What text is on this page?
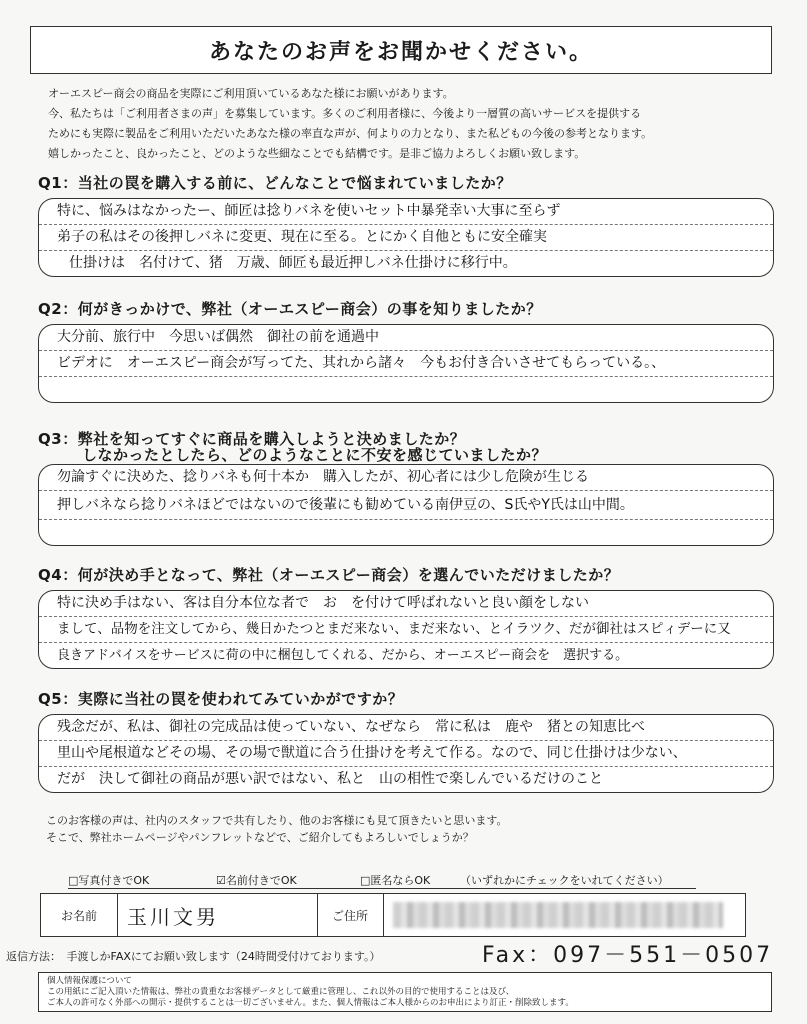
あなたのお声をお聞かせください。
オーエスピー商会の商品を実際にご利用頂いているあなた様にお願いがあります。
今、私たちは「ご利用者さまの声」を募集しています。多くのご利用者様に、今後より一層質の高いサービスを提供する
ためにも実際に製品をご利用いただいたあなた様の率直な声が、何よりの力となり、また私どもの今後の参考となります。
嬉しかったこと、良かったこと、どのような些細なことでも結構です。是非ご協力よろしくお願い致します。
Q1：当社の罠を購入する前に、どんなことで悩まれていましたか？
特に、悩みはなかったー、師匠は捻りバネを使いセット中暴発幸い大事に至らず
弟子の私はその後押しバネに変更、現在に至る。とにかく自他ともに安全確実
仕掛けは　名付けて、猪　万歳、師匠も最近押しバネ仕掛けに移行中。
Q2：何がきっかけで、弊社（オーエスピー商会）の事を知りましたか？
大分前、旅行中　今思いば偶然　御社の前を通過中
ビデオに　オーエスピー商会が写ってた、其れから諸々　今もお付き合いさせてもらっている。、
Q3：弊社を知ってすぐに商品を購入しようと決めましたか？
しなかったとしたら、どのようなことに不安を感じていましたか？
勿論すぐに決めた、捻りバネも何十本か　購入したが、初心者には少し危険が生じる
押しバネなら捻りバネほどではないので後輩にも勧めている南伊豆の、S氏やY氏は山中間。
Q4：何が決め手となって、弊社（オーエスピー商会）を選んでいただけましたか？
特に決め手はない、客は自分本位な者で　お　を付けて呼ばれないと良い顔をしない
まして、品物を注文してから、幾日かたつとまだ来ない、まだ来ない、とイラツク、だが御社はスピィデーに又
良きアドバイスをサービスに荷の中に梱包してくれる、だから、オーエスピー商会を　選択する。
Q5：実際に当社の罠を使われてみていかがですか？
残念だが、私は、御社の完成品は使っていない、なぜなら　常に私は　鹿や　猪との知恵比べ
里山や尾根道などその場、その場で獣道に合う仕掛けを考えて作る。なので、同じ仕掛けは少ない、
だが　決して御社の商品が悪い訳ではない、私と　山の相性で楽しんでいるだけのこと
このお客様の声は、社内のスタッフで共有したり、他のお客様にも見て頂きたいと思います。
そこで、弊社ホームページやパンフレットなどで、ご紹介してもよろしいでしょうか？
□写真付きでOK	☑名前付きでOK	□匿名ならOK	（いずれかにチェックをいれてください）
お名前	玉川文男	ご住所
返信方法：　手渡しかFAXにてお願い致します（24時間受付けております。）	Fax：097－551－0507
個人情報保護について
この用紙にご記入頂いた情報は、弊社の貴重なお客様データとして厳重に管理し、これ以外の目的で使用することは及び、
ご本人の許可なく外部への開示・提供することは一切ございません。また、個人情報はご本人様からのお申出により訂正・削除致します。
